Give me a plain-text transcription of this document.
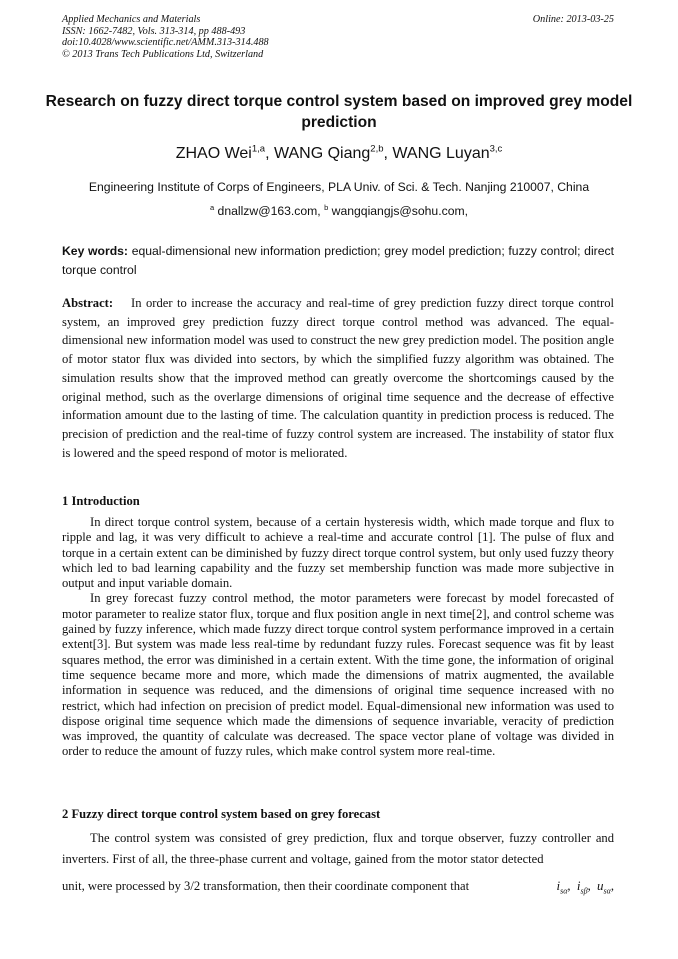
Applied Mechanics and Materials
ISSN: 1662-7482, Vols. 313-314, pp 488-493
doi:10.4028/www.scientific.net/AMM.313-314.488
© 2013 Trans Tech Publications Ltd, Switzerland
Online: 2013-03-25
Research on fuzzy direct torque control system based on improved grey model prediction
ZHAO Wei$^{1,a}$, WANG Qiang$^{2,b}$, WANG Luyan$^{3,c}$
Engineering Institute of Corps of Engineers, PLA Univ. of Sci. & Tech. Nanjing 210007, China
$^a$ dnallzw@163.com, $^b$ wangqiangjs@sohu.com,
Key words: equal-dimensional new information prediction; grey model prediction; fuzzy control; direct torque control
Abstract: In order to increase the accuracy and real-time of grey prediction fuzzy direct torque control system, an improved grey prediction fuzzy direct torque control method was advanced. The equal-dimensional new information model was used to construct the new grey prediction model. The position angle of motor stator flux was divided into sectors, by which the simplified fuzzy algorithm was obtained. The simulation results show that the improved method can greatly overcome the shortcomings caused by the original method, such as the overlarge dimensions of original time sequence and the decrease of effective information amount due to the lasting of time. The calculation quantity in prediction process is reduced. The precision of prediction and the real-time of fuzzy control system are increased. The instability of stator flux is lowered and the speed respond of motor is meliorated.
1 Introduction

In direct torque control system, because of a certain hysteresis width, which made torque and flux to ripple and lag, it was very difficult to achieve a real-time and accurate control [1]. The pulse of flux and torque in a certain extent can be diminished by fuzzy direct torque control system, but only used fuzzy theory which led to bad learning capability and the fuzzy set membership function was made more subjective in output and input variable domain.

In grey forecast fuzzy control method, the motor parameters were forecast by model forecasted of motor parameter to realize stator flux, torque and flux position angle in next time[2], and control scheme was gained by fuzzy inference, which made fuzzy direct torque control system performance improved in a certain extent[3]. But system was made less real-time by redundant fuzzy rules. Forecast sequence was fit by least squares method, the error was diminished in a certain extent. With the time gone, the information of original time sequence became more and more, which made the dimensions of matrix augmented, the available information in sequence was reduced, and the dimensions of original time sequence increased with no restrict, which had infection on precision of predict model. Equal-dimensional new information was used to dispose original time sequence which made the dimensions of sequence invariable, veracity of prediction was improved, the quantity of calculate was decreased. The space vector plane of voltage was divided in order to reduce the amount of fuzzy rules, which make control system more real-time.

2 Fuzzy direct torque control system based on grey forecast

The control system was consisted of grey prediction, flux and torque observer, fuzzy controller and inverters. First of all, the three-phase current and voltage, gained from the motor stator detected

unit, were processed by 3/2 transformation, then their coordinate component that	$i_{s\alpha}$,  $i_{s\beta}$,  $u_{s\alpha}$,
